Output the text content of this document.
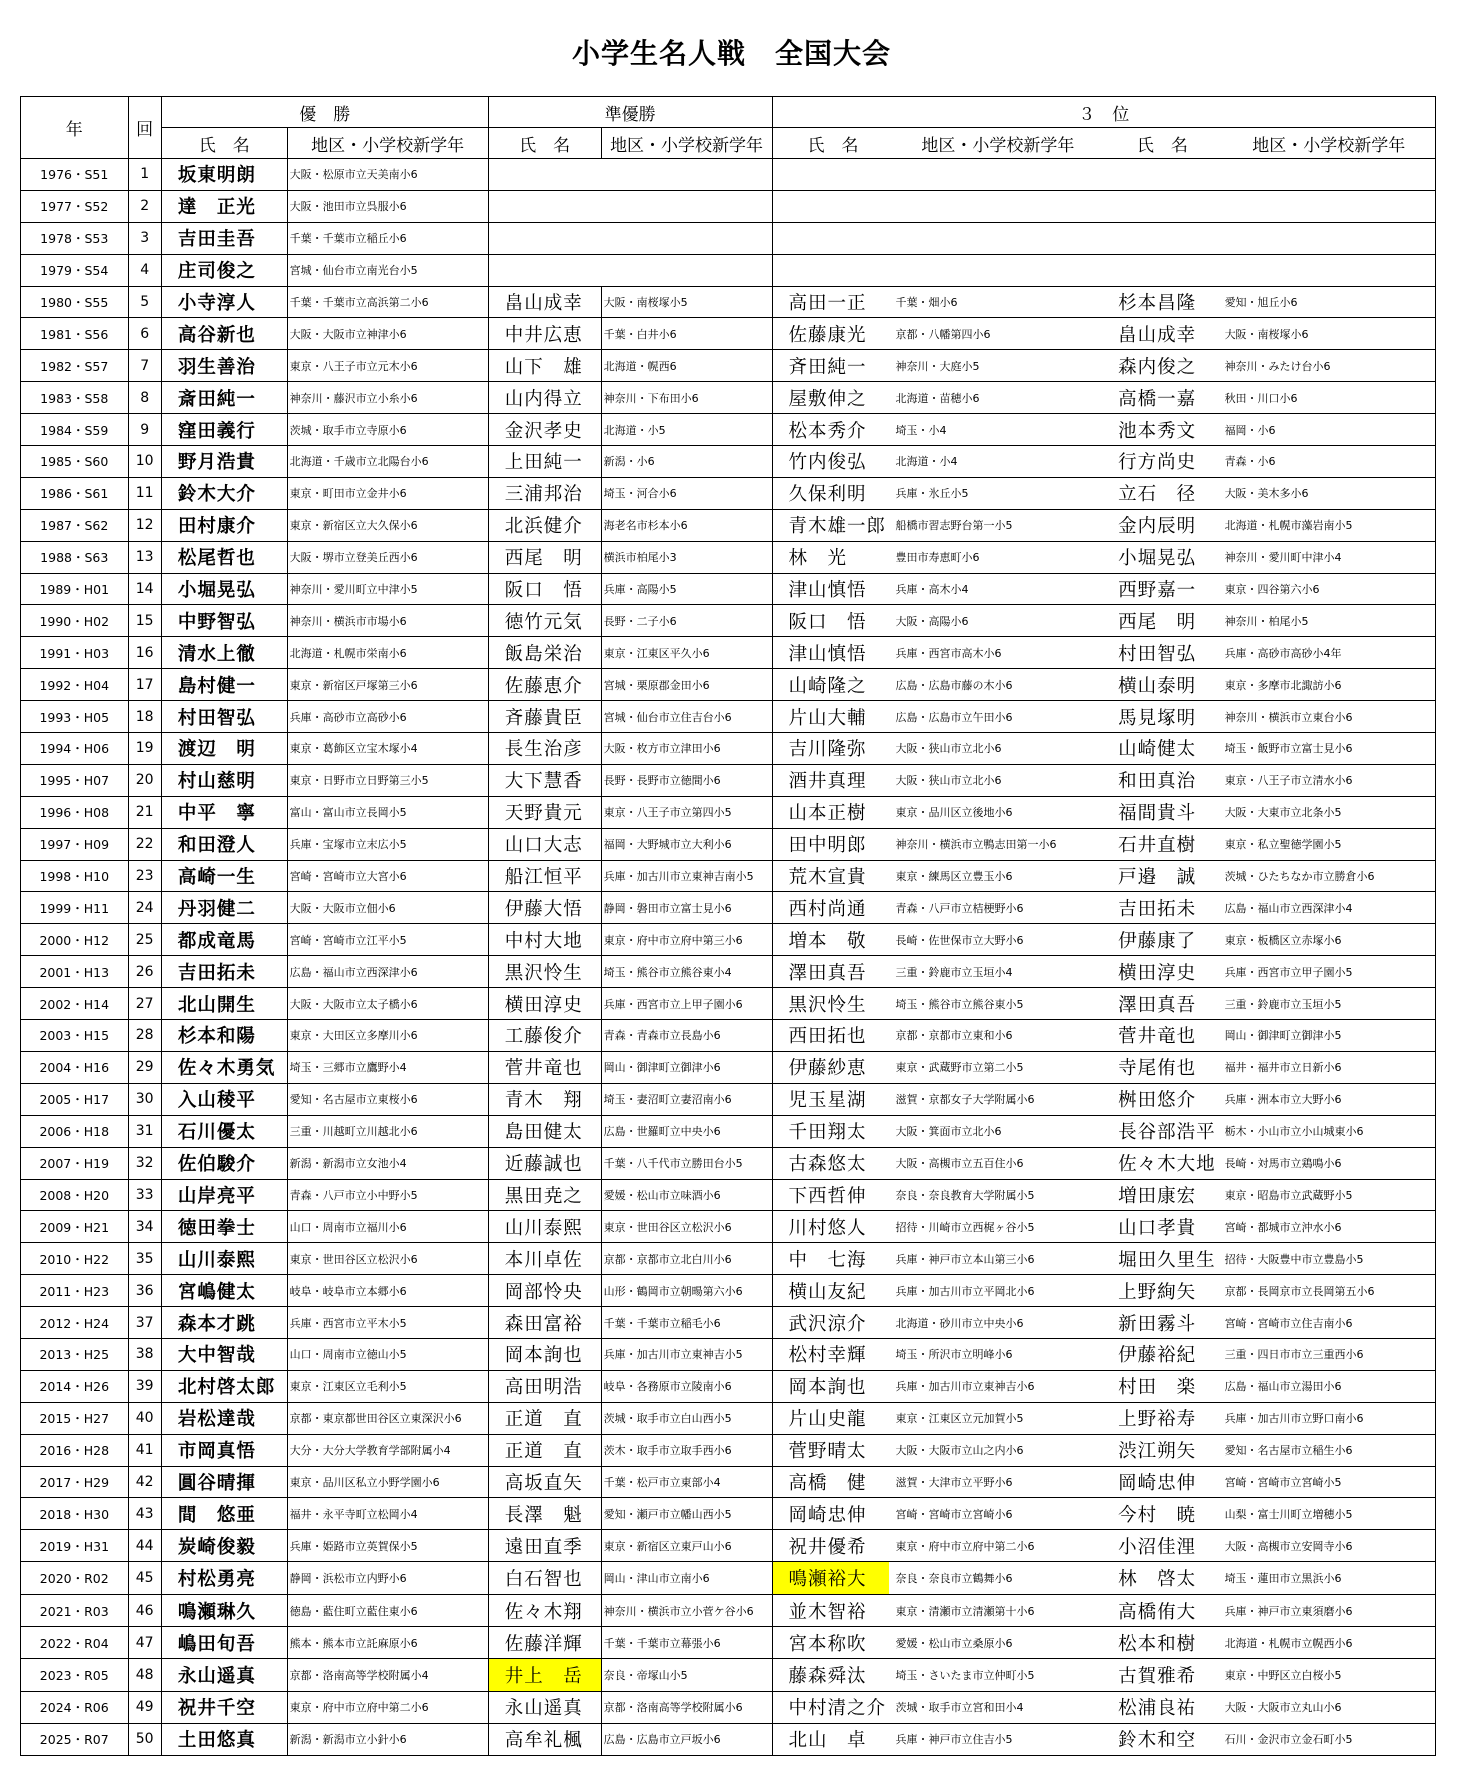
小学生名人戦　全国大会
年	回	優　勝		準優勝		３　位			
		氏　名	地区・小学校新学年	氏　名	地区・小学校新学年	氏　名	地区・小学校新学年	氏　名	地区・小学校新学年
1976・S51	1	坂東明朗	大阪・松原市立天美南小6						
1977・S52	2	達　正光	大阪・池田市立呉服小6						
1978・S53	3	吉田圭吾	千葉・千葉市立稲丘小6						
1979・S54	4	庄司俊之	宮城・仙台市立南光台小5						
1980・S55	5	小寺淳人	千葉・千葉市立高浜第二小6	畠山成幸	大阪・南桜塚小5	高田一正	千葉・畑小6	杉本昌隆	愛知・旭丘小6
1981・S56	6	高谷新也	大阪・大阪市立神津小6	中井広恵	千葉・白井小6	佐藤康光	京都・八幡第四小6	畠山成幸	大阪・南桜塚小6
1982・S57	7	羽生善治	東京・八王子市立元木小6	山下　雄	北海道・幌西6	斉田純一	神奈川・大庭小5	森内俊之	神奈川・みたけ台小6
1983・S58	8	斎田純一	神奈川・藤沢市立小糸小6	山内得立	神奈川・下布田小6	屋敷伸之	北海道・苗穂小6	高橋一嘉	秋田・川口小6
1984・S59	9	窪田義行	茨城・取手市立寺原小6	金沢孝史	北海道・小5	松本秀介	埼玉・小4	池本秀文	福岡・小6
1985・S60	10	野月浩貴	北海道・千歳市立北陽台小6	上田純一	新潟・小6	竹内俊弘	北海道・小4	行方尚史	青森・小6
1986・S61	11	鈴木大介	東京・町田市立金井小6	三浦邦治	埼玉・河合小6	久保利明	兵庫・氷丘小5	立石　径	大阪・美木多小6
1987・S62	12	田村康介	東京・新宿区立大久保小6	北浜健介	海老名市杉本小6	青木雄一郎	船橋市習志野台第一小5	金内辰明	北海道・札幌市藻岩南小5
1988・S63	13	松尾哲也	大阪・堺市立登美丘西小6	西尾　明	横浜市柏尾小3	林　光	豊田市寿恵町小6	小堀晃弘	神奈川・愛川町中津小4
1989・H01	14	小堀晃弘	神奈川・愛川町立中津小5	阪口　悟	兵庫・高陽小5	津山慎悟	兵庫・高木小4	西野嘉一	東京・四谷第六小6
1990・H02	15	中野智弘	神奈川・横浜市市場小6	徳竹元気	長野・二子小6	阪口　悟	大阪・高陽小6	西尾　明	神奈川・柏尾小5
1991・H03	16	清水上徹	北海道・札幌市栄南小6	飯島栄治	東京・江東区平久小6	津山慎悟	兵庫・西宮市高木小6	村田智弘	兵庫・高砂市高砂小4年
1992・H04	17	島村健一	東京・新宿区戸塚第三小6	佐藤恵介	宮城・栗原郡金田小6	山崎隆之	広島・広島市藤の木小6	横山泰明	東京・多摩市北諏訪小6
1993・H05	18	村田智弘	兵庫・高砂市立高砂小6	斉藤貴臣	宮城・仙台市立住吉台小6	片山大輔	広島・広島市立午田小6	馬見塚明	神奈川・横浜市立東台小6
1994・H06	19	渡辺　明	東京・葛飾区立宝木塚小4	長生治彦	大阪・枚方市立津田小6	吉川隆弥	大阪・狭山市立北小6	山崎健太	埼玉・飯野市立富士見小6
1995・H07	20	村山慈明	東京・日野市立日野第三小5	大下慧香	長野・長野市立徳間小6	酒井真理	大阪・狭山市立北小6	和田真治	東京・八王子市立清水小6
1996・H08	21	中平　寧	富山・富山市立長岡小5	天野貴元	東京・八王子市立第四小5	山本正樹	東京・品川区立後地小6	福間貴斗	大阪・大東市立北条小5
1997・H09	22	和田澄人	兵庫・宝塚市立末広小5	山口大志	福岡・大野城市立大利小6	田中明郎	神奈川・横浜市立鴨志田第一小6	石井直樹	東京・私立聖徳学園小5
1998・H10	23	高崎一生	宮崎・宮崎市立大宮小6	船江恒平	兵庫・加古川市立東神吉南小5	荒木宣貴	東京・練馬区立豊玉小6	戸邉　誠	茨城・ひたちなか市立勝倉小6
1999・H11	24	丹羽健二	大阪・大阪市立佃小6	伊藤大悟	静岡・磐田市立富士見小6	西村尚通	青森・八戸市立桔梗野小6	吉田拓未	広島・福山市立西深津小4
2000・H12	25	都成竜馬	宮崎・宮崎市立江平小5	中村大地	東京・府中市立府中第三小6	増本　敬	長崎・佐世保市立大野小6	伊藤康了	東京・板橋区立赤塚小6
2001・H13	26	吉田拓未	広島・福山市立西深津小6	黒沢怜生	埼玉・熊谷市立熊谷東小4	澤田真吾	三重・鈴鹿市立玉垣小4	横田淳史	兵庫・西宮市立甲子園小5
2002・H14	27	北山開生	大阪・大阪市立太子橋小6	横田淳史	兵庫・西宮市立上甲子園小6	黒沢怜生	埼玉・熊谷市立熊谷東小5	澤田真吾	三重・鈴鹿市立玉垣小5
2003・H15	28	杉本和陽	東京・大田区立多摩川小6	工藤俊介	青森・青森市立長島小6	西田拓也	京都・京都市立東和小6	菅井竜也	岡山・御津町立御津小5
2004・H16	29	佐々木勇気	埼玉・三郷市立鷹野小4	菅井竜也	岡山・御津町立御津小6	伊藤紗恵	東京・武蔵野市立第二小5	寺尾侑也	福井・福井市立日新小6
2005・H17	30	入山稜平	愛知・名古屋市立東桜小6	青木　翔	埼玉・妻沼町立妻沼南小6	児玉星湖	滋賀・京都女子大学附属小6	桝田悠介	兵庫・洲本市立大野小6
2006・H18	31	石川優太	三重・川越町立川越北小6	島田健太	広島・世羅町立中央小6	千田翔太	大阪・箕面市立北小6	長谷部浩平	栃木・小山市立小山城東小6
2007・H19	32	佐伯駿介	新潟・新潟市立女池小4	近藤誠也	千葉・八千代市立勝田台小5	古森悠太	大阪・高槻市立五百住小6	佐々木大地	長崎・対馬市立鶏鳴小6
2008・H20	33	山岸亮平	青森・八戸市立小中野小5	黒田尭之	愛媛・松山市立味酒小6	下西哲伸	奈良・奈良教育大学附属小5	増田康宏	東京・昭島市立武蔵野小5
2009・H21	34	徳田拳士	山口・周南市立福川小6	山川泰熙	東京・世田谷区立松沢小6	川村悠人	招待・川崎市立西梶ヶ谷小5	山口孝貴	宮崎・都城市立沖水小6
2010・H22	35	山川泰熙	東京・世田谷区立松沢小6	本川卓佐	京都・京都市立北白川小6	中　七海	兵庫・神戸市立本山第三小6	堀田久里生	招待・大阪豊中市立豊島小5
2011・H23	36	宮嶋健太	岐阜・岐阜市立本郷小6	岡部怜央	山形・鶴岡市立朝暘第六小6	横山友紀	兵庫・加古川市立平岡北小6	上野絢矢	京都・長岡京市立長岡第五小6
2012・H24	37	森本才跳	兵庫・西宮市立平木小5	森田富裕	千葉・千葉市立稲毛小6	武沢涼介	北海道・砂川市立中央小6	新田霧斗	宮崎・宮崎市立住吉南小6
2013・H25	38	大中智哉	山口・周南市立徳山小5	岡本詢也	兵庫・加古川市立東神吉小5	松村幸輝	埼玉・所沢市立明峰小6	伊藤裕紀	三重・四日市市立三重西小6
2014・H26	39	北村啓太郎	東京・江東区立毛利小5	高田明浩	岐阜・各務原市立陵南小6	岡本詢也	兵庫・加古川市立東神吉小6	村田　楽	広島・福山市立湯田小6
2015・H27	40	岩松達哉	京都・東京都世田谷区立東深沢小6	正道　直	茨城・取手市立白山西小5	片山史龍	東京・江東区立元加賀小5	上野裕寿	兵庫・加古川市立野口南小6
2016・H28	41	市岡真悟	大分・大分大学教育学部附属小4	正道　直	茨木・取手市立取手西小6	菅野晴太	大阪・大阪市立山之内小6	渋江朔矢	愛知・名古屋市立稲生小6
2017・H29	42	圓谷晴揮	東京・品川区私立小野学園小6	高坂直矢	千葉・松戸市立東部小4	高橋　健	滋賀・大津市立平野小6	岡崎忠伸	宮崎・宮崎市立宮崎小5
2018・H30	43	間　悠亜	福井・永平寺町立松岡小4	長澤　魁	愛知・瀬戸市立幡山西小5	岡崎忠伸	宮崎・宮崎市立宮崎小6	今村　暁	山梨・富士川町立増穂小5
2019・H31	44	炭崎俊毅	兵庫・姫路市立英賀保小5	遠田直季	東京・新宿区立東戸山小6	祝井優希	東京・府中市立府中第二小6	小沼佳浬	大阪・高槻市立安岡寺小6
2020・R02	45	村松勇亮	静岡・浜松市立内野小6	白石智也	岡山・津山市立南小6	鳴瀬裕大	奈良・奈良市立鶴舞小6	林　啓太	埼玉・蓮田市立黒浜小6
2021・R03	46	鳴瀬琳久	徳島・藍住町立藍住東小6	佐々木翔	神奈川・横浜市立小菅ケ谷小6	並木智裕	東京・清瀬市立清瀬第十小6	高橋侑大	兵庫・神戸市立東須磨小6
2022・R04	47	嶋田旬吾	熊本・熊本市立託麻原小6	佐藤洋輝	千葉・千葉市立幕張小6	宮本称吹	愛媛・松山市立桑原小6	松本和樹	北海道・札幌市立幌西小6
2023・R05	48	永山遥真	京都・洛南高等学校附属小4	井上　岳	奈良・帝塚山小5	藤森舜汰	埼玉・さいたま市立仲町小5	古賀雅希	東京・中野区立白桜小5
2024・R06	49	祝井千空	東京・府中市立府中第二小6	永山遥真	京都・洛南高等学校附属小6	中村清之介	茨城・取手市立宮和田小4	松浦良祐	大阪・大阪市立丸山小6
2025・R07	50	土田悠真	新潟・新潟市立小針小6	高牟礼楓	広島・広島市立戸坂小6	北山　卓	兵庫・神戸市立住吉小5	鈴木和空	石川・金沢市立金石町小5
